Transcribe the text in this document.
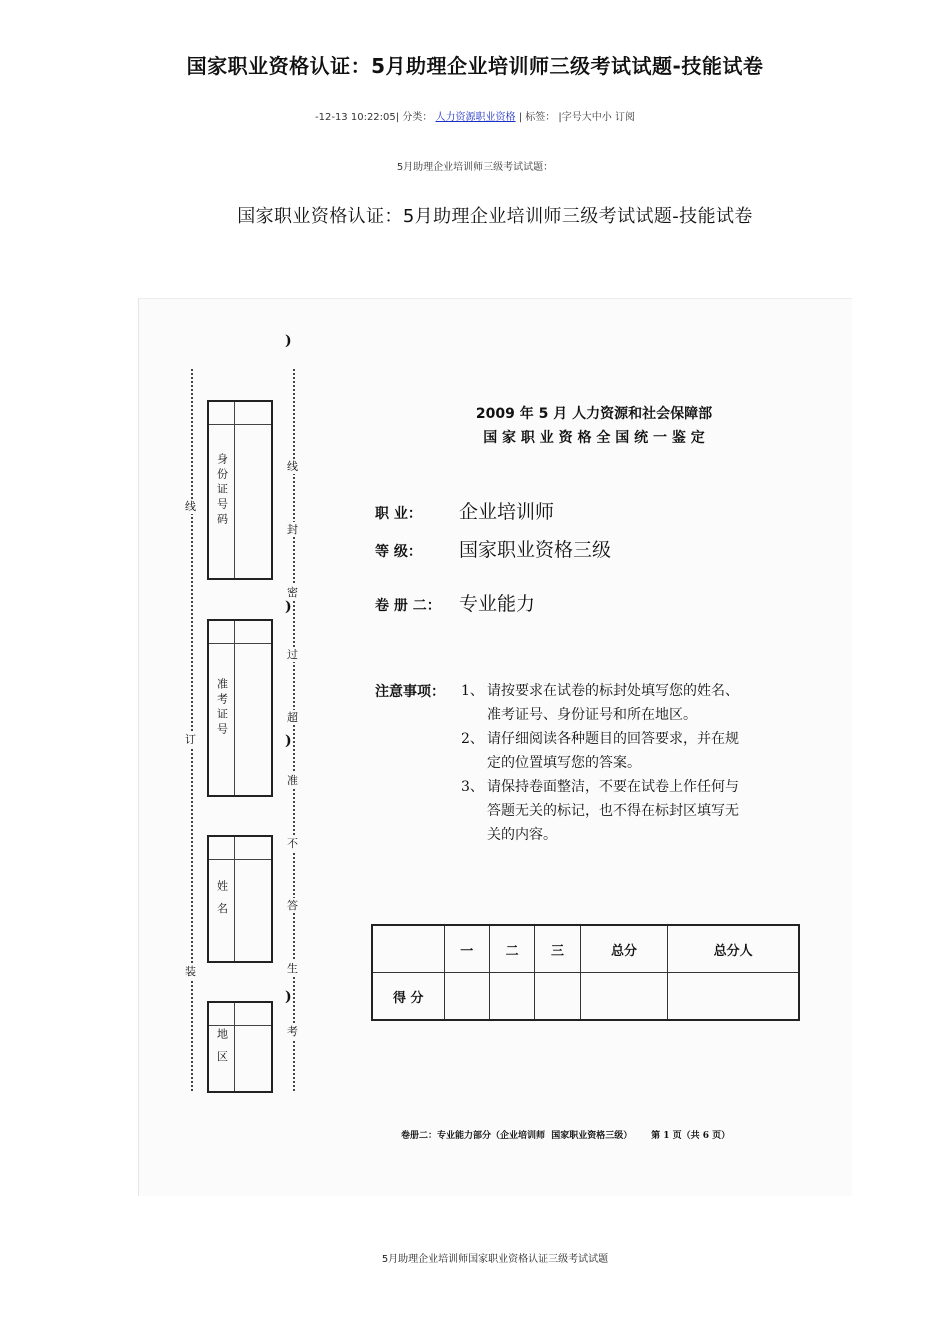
国家职业资格认证：5月助理企业培训师三级考试试题-技能试卷
-12-13 10:22:05| 分类： 人力资源职业资格 | 标签： |字号大中小 订阅
5月助理企业培训师三级考试试题：
国家职业资格认证：5月助理企业培训师三级考试试题-技能试卷
线
订
装
线
封
密
过
超
准
不
答
生
考
)
)
)
)
身份证号码
准考证号
姓 名
地 区
2009 年 5 月 人力资源和社会保障部
国 家 职 业 资 格 全 国 统 一 鉴 定
职 业： 企业培训师
等 级： 国家职业资格三级
卷 册 二： 专业能力
注意事项： 1、 请按要求在试卷的标封处填写您的姓名、
准考证号、身份证号和所在地区。
2、 请仔细阅读各种题目的回答要求，并在规
定的位置填写您的答案。
3、 请保持卷面整洁，不要在试卷上作任何与
答题无关的标记，也不得在标封区填写无
关的内容。
	一	二	三	总分	总分人
得 分					
卷册二：专业能力部分（企业培训师  国家职业资格三级）      第 1 页（共 6 页）
5月助理企业培训师国家职业资格认证三级考试试题
